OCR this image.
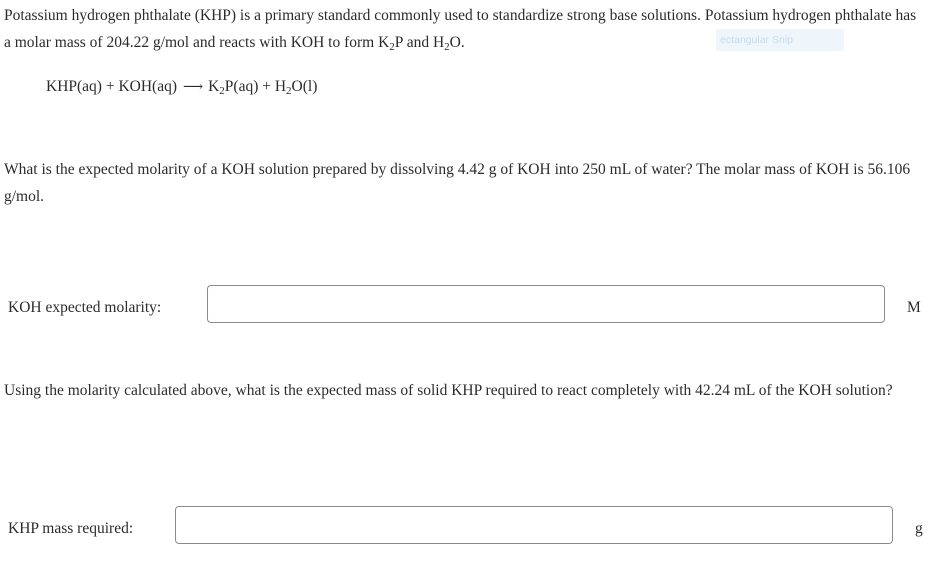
Potassium hydrogen phthalate (KHP) is a primary standard commonly used to standardize strong base solutions. Potassium hydrogen phthalate has a molar mass of 204.22 g/mol and reacts with KOH to form $K_2P$ and $H_2O$.	ectangular Snip
KHP(aq) + KOH(aq) ⟶ $K_2P(aq) + H_2O(l)$
What is the expected molarity of a KOH solution prepared by dissolving 4.42 g of KOH into 250 mL of water? The molar mass of KOH is 56.106 g/mol.
KOH expected molarity:	M
Using the molarity calculated above, what is the expected mass of solid KHP required to react completely with 42.24 mL of the KOH solution?
KHP mass required:	g
